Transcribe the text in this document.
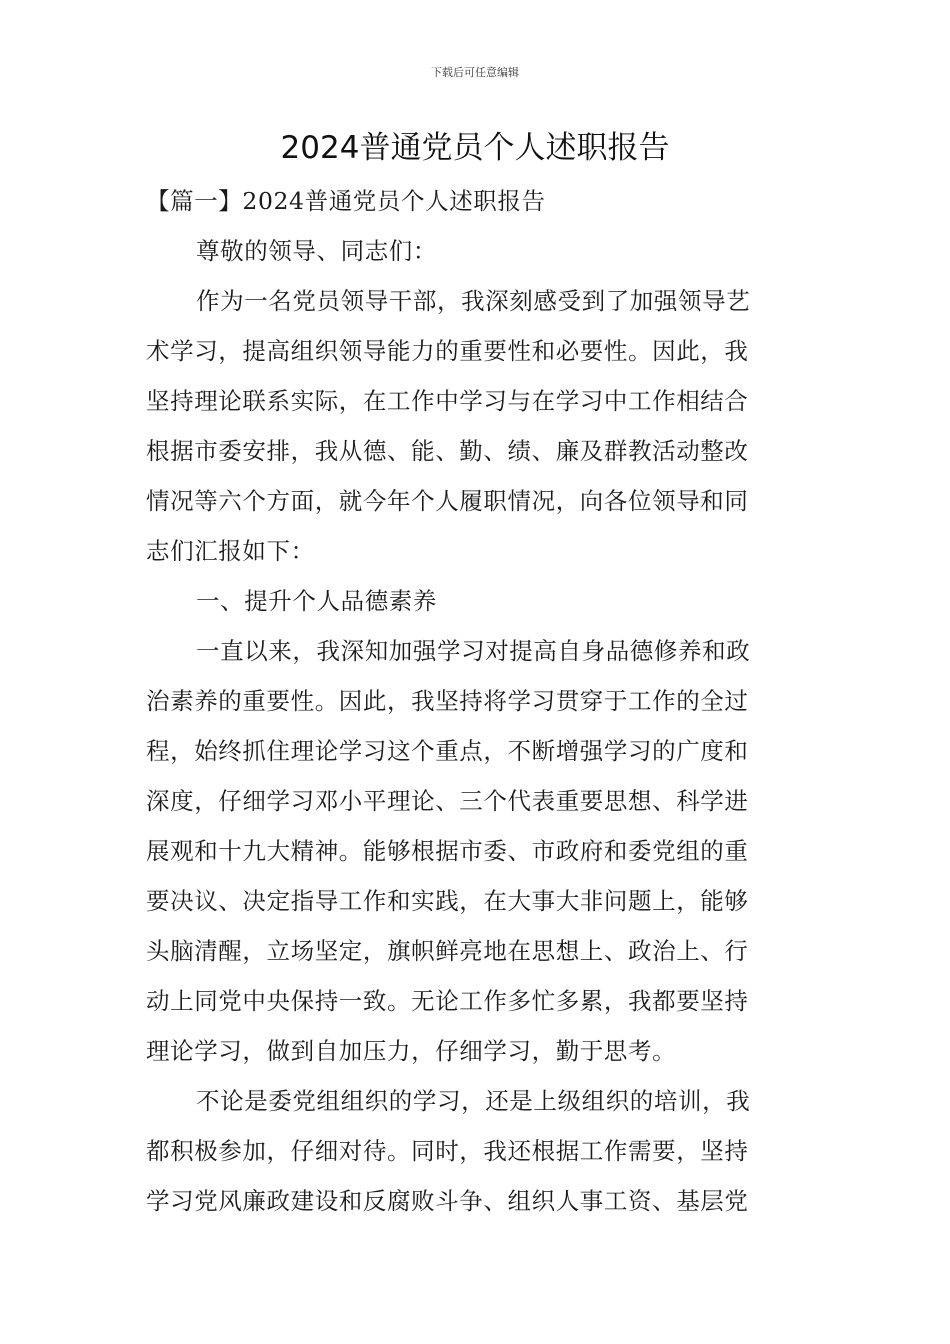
下载后可任意编辑
2024普通党员个人述职报告
【篇一】2024普通党员个人述职报告
尊敬的领导、同志们：
作为一名党员领导干部，我深刻感受到了加强领导艺
术学习，提高组织领导能力的重要性和必要性。因此，我
坚持理论联系实际，在工作中学习与在学习中工作相结合
根据市委安排，我从德、能、勤、绩、廉及群教活动整改
情况等六个方面，就今年个人履职情况，向各位领导和同
志们汇报如下：
一、提升个人品德素养
一直以来，我深知加强学习对提高自身品德修养和政
治素养的重要性。因此，我坚持将学习贯穿于工作的全过
程，始终抓住理论学习这个重点，不断增强学习的广度和
深度，仔细学习邓小平理论、三个代表重要思想、科学进
展观和十九大精神。能够根据市委、市政府和委党组的重
要决议、决定指导工作和实践，在大事大非问题上，能够
头脑清醒，立场坚定，旗帜鲜亮地在思想上、政治上、行
动上同党中央保持一致。无论工作多忙多累，我都要坚持
理论学习，做到自加压力，仔细学习，勤于思考。
不论是委党组组织的学习，还是上级组织的培训，我
都积极参加，仔细对待。同时，我还根据工作需要，坚持
学习党风廉政建设和反腐败斗争、组织人事工资、基层党
